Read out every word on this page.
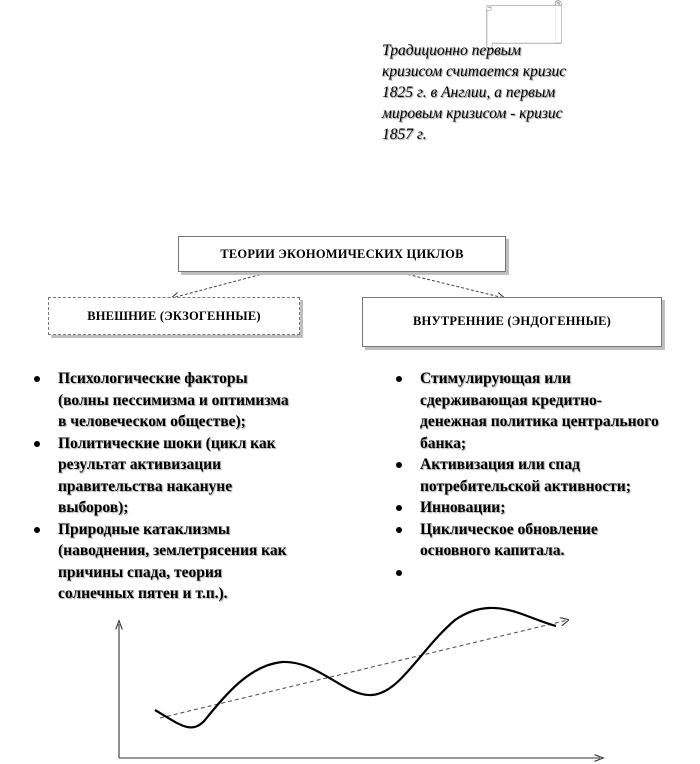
Традиционно первым
кризисом считается кризис
1825 г. в Англии, а первым
мировым кризисом - кризис
1857 г.
ТЕОРИИ ЭКОНОМИЧЕСКИХ ЦИКЛОВ
ВНЕШНИЕ (ЭКЗОГЕННЫЕ)	ВНУТРЕННИЕ (ЭНДОГЕННЫЕ)
Психологические факторы
(волны пессимизма и оптимизма
в человеческом обществе);
Политические шоки (цикл как
результат активизации
правительства накануне
выборов);
Природные катаклизмы
(наводнения, землетрясения как
причины спада, теория
солнечных пятен и т.п.).
Стимулирующая или
сдерживающая кредитно-
денежная политика центрального
банка;
Активизация или спад
потребительской активности;
Инновации;
Циклическое обновление
основного капитала.
